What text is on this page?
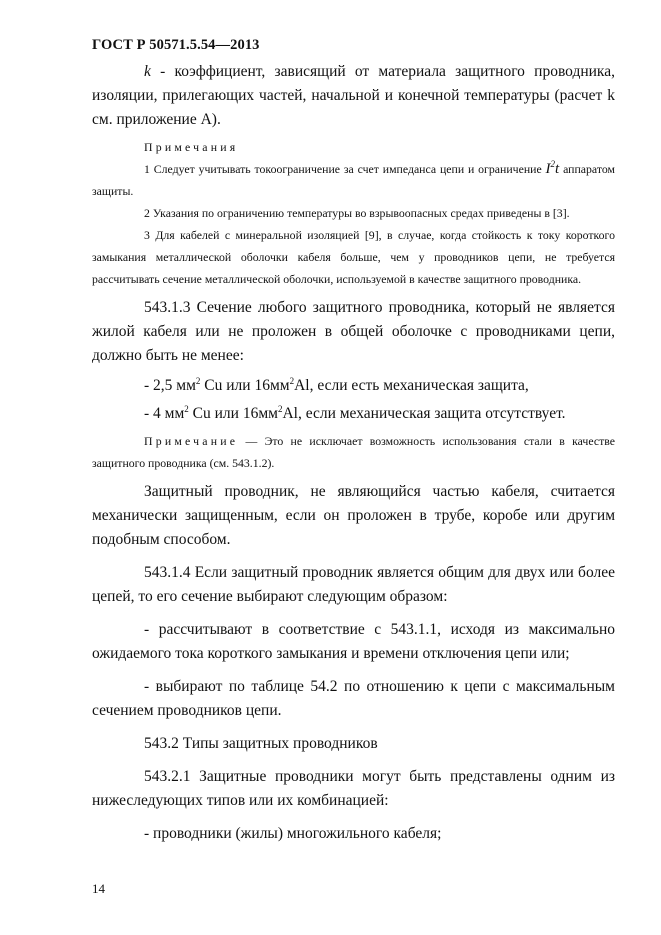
ГОСТ Р 50571.5.54—2013

k - коэффициент, зависящий от материала защитного проводника, изоляции, прилегающих частей, начальной и конечной температуры (расчет k см. приложение А).

Примечания

1 Следует учитывать токоограничение за счет импеданса цепи и ограничение $I^2t$ аппаратом защиты.

2 Указания по ограничению температуры во взрывоопасных средах приведены в [3].

3 Для кабелей с минеральной изоляцией [9], в случае, когда стойкость к току короткого замыкания металлической оболочки кабеля больше, чем у проводников цепи, не требуется рассчитывать сечение металлической оболочки, используемой в качестве защитного проводника.

543.1.3 Сечение любого защитного проводника, который не является жилой кабеля или не проложен в общей оболочке с проводниками цепи, должно быть не менее:

- 2,5 $мм^2$ Cu или $16мм^2Al$, если есть механическая защита,

- 4 $мм^2$ Cu или $16мм^2Al$, если механическая защита отсутствует.

Примечание — Это не исключает возможность использования стали в качестве защитного проводника (см. 543.1.2).

Защитный проводник, не являющийся частью кабеля, считается механически защищенным, если он проложен в трубе, коробе или другим подобным способом.

543.1.4 Если защитный проводник является общим для двух или более цепей, то его сечение выбирают следующим образом:

- рассчитывают в соответствие с 543.1.1, исходя из максимально ожидаемого тока короткого замыкания и времени отключения цепи или;

- выбирают по таблице 54.2 по отношению к цепи с максимальным сечением проводников цепи.

543.2 Типы защитных проводников

543.2.1 Защитные проводники могут быть представлены одним из нижеследующих типов или их комбинацией:

- проводники (жилы) многожильного кабеля;

14
